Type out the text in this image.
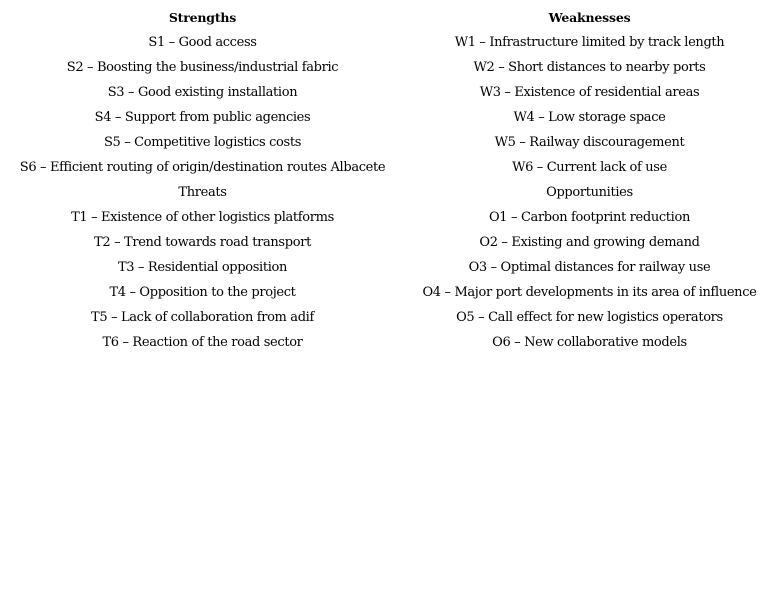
Strengths	Weaknesses
S1 – Good access	W1 – Infrastructure limited by track length
S2 – Boosting the business/industrial fabric	W2 – Short distances to nearby ports
S3 – Good existing installation	W3 – Existence of residential areas
S4 – Support from public agencies	W4 – Low storage space
S5 – Competitive logistics costs	W5 – Railway discouragement
S6 – Efficient routing of origin/destination routes Albacete	W6 – Current lack of use
Threats	Opportunities
T1 – Existence of other logistics platforms	O1 – Carbon footprint reduction
T2 – Trend towards road transport	O2 – Existing and growing demand
T3 – Residential opposition	O3 – Optimal distances for railway use
T4 – Opposition to the project	O4 – Major port developments in its area of influence
T5 – Lack of collaboration from adif	O5 – Call effect for new logistics operators
T6 – Reaction of the road sector	O6 – New collaborative models
